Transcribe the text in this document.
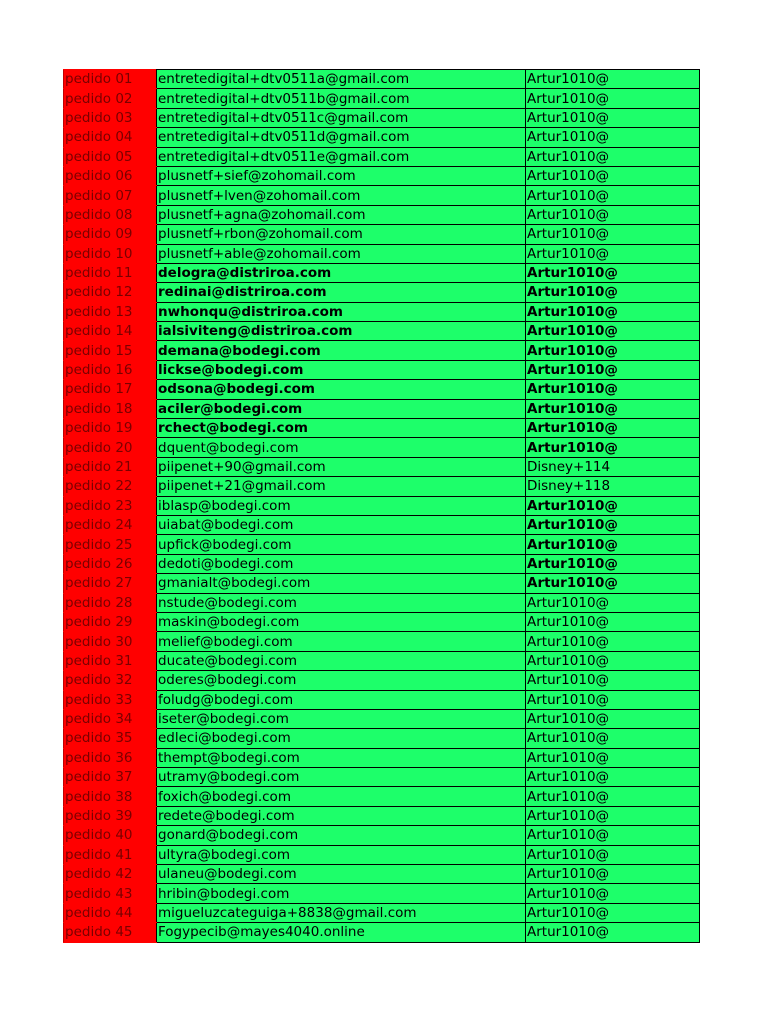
pedido 01	entretedigital+dtv0511a@gmail.com	Artur1010@
pedido 02	entretedigital+dtv0511b@gmail.com	Artur1010@
pedido 03	entretedigital+dtv0511c@gmail.com	Artur1010@
pedido 04	entretedigital+dtv0511d@gmail.com	Artur1010@
pedido 05	entretedigital+dtv0511e@gmail.com	Artur1010@
pedido 06	plusnetf+sief@zohomail.com	Artur1010@
pedido 07	plusnetf+lven@zohomail.com	Artur1010@
pedido 08	plusnetf+agna@zohomail.com	Artur1010@
pedido 09	plusnetf+rbon@zohomail.com	Artur1010@
pedido 10	plusnetf+able@zohomail.com	Artur1010@
pedido 11	delogra@distriroa.com	Artur1010@
pedido 12	redinai@distriroa.com	Artur1010@
pedido 13	nwhonqu@distriroa.com	Artur1010@
pedido 14	ialsiviteng@distriroa.com	Artur1010@
pedido 15	demana@bodegi.com	Artur1010@
pedido 16	lickse@bodegi.com	Artur1010@
pedido 17	odsona@bodegi.com	Artur1010@
pedido 18	aciler@bodegi.com	Artur1010@
pedido 19	rchect@bodegi.com	Artur1010@
pedido 20	dquent@bodegi.com	Artur1010@
pedido 21	piipenet+90@gmail.com	Disney+114
pedido 22	piipenet+21@gmail.com	Disney+118
pedido 23	iblasp@bodegi.com	Artur1010@
pedido 24	uiabat@bodegi.com	Artur1010@
pedido 25	upfick@bodegi.com	Artur1010@
pedido 26	dedoti@bodegi.com	Artur1010@
pedido 27	gmanialt@bodegi.com	Artur1010@
pedido 28	nstude@bodegi.com	Artur1010@
pedido 29	maskin@bodegi.com	Artur1010@
pedido 30	melief@bodegi.com	Artur1010@
pedido 31	ducate@bodegi.com	Artur1010@
pedido 32	oderes@bodegi.com	Artur1010@
pedido 33	foludg@bodegi.com	Artur1010@
pedido 34	iseter@bodegi.com	Artur1010@
pedido 35	edleci@bodegi.com	Artur1010@
pedido 36	thempt@bodegi.com	Artur1010@
pedido 37	utramy@bodegi.com	Artur1010@
pedido 38	foxich@bodegi.com	Artur1010@
pedido 39	redete@bodegi.com	Artur1010@
pedido 40	gonard@bodegi.com	Artur1010@
pedido 41	ultyra@bodegi.com	Artur1010@
pedido 42	ulaneu@bodegi.com	Artur1010@
pedido 43	hribin@bodegi.com	Artur1010@
pedido 44	migueluzcateguiga+8838@gmail.com	Artur1010@
pedido 45	Fogypecib@mayes4040.online	Artur1010@
